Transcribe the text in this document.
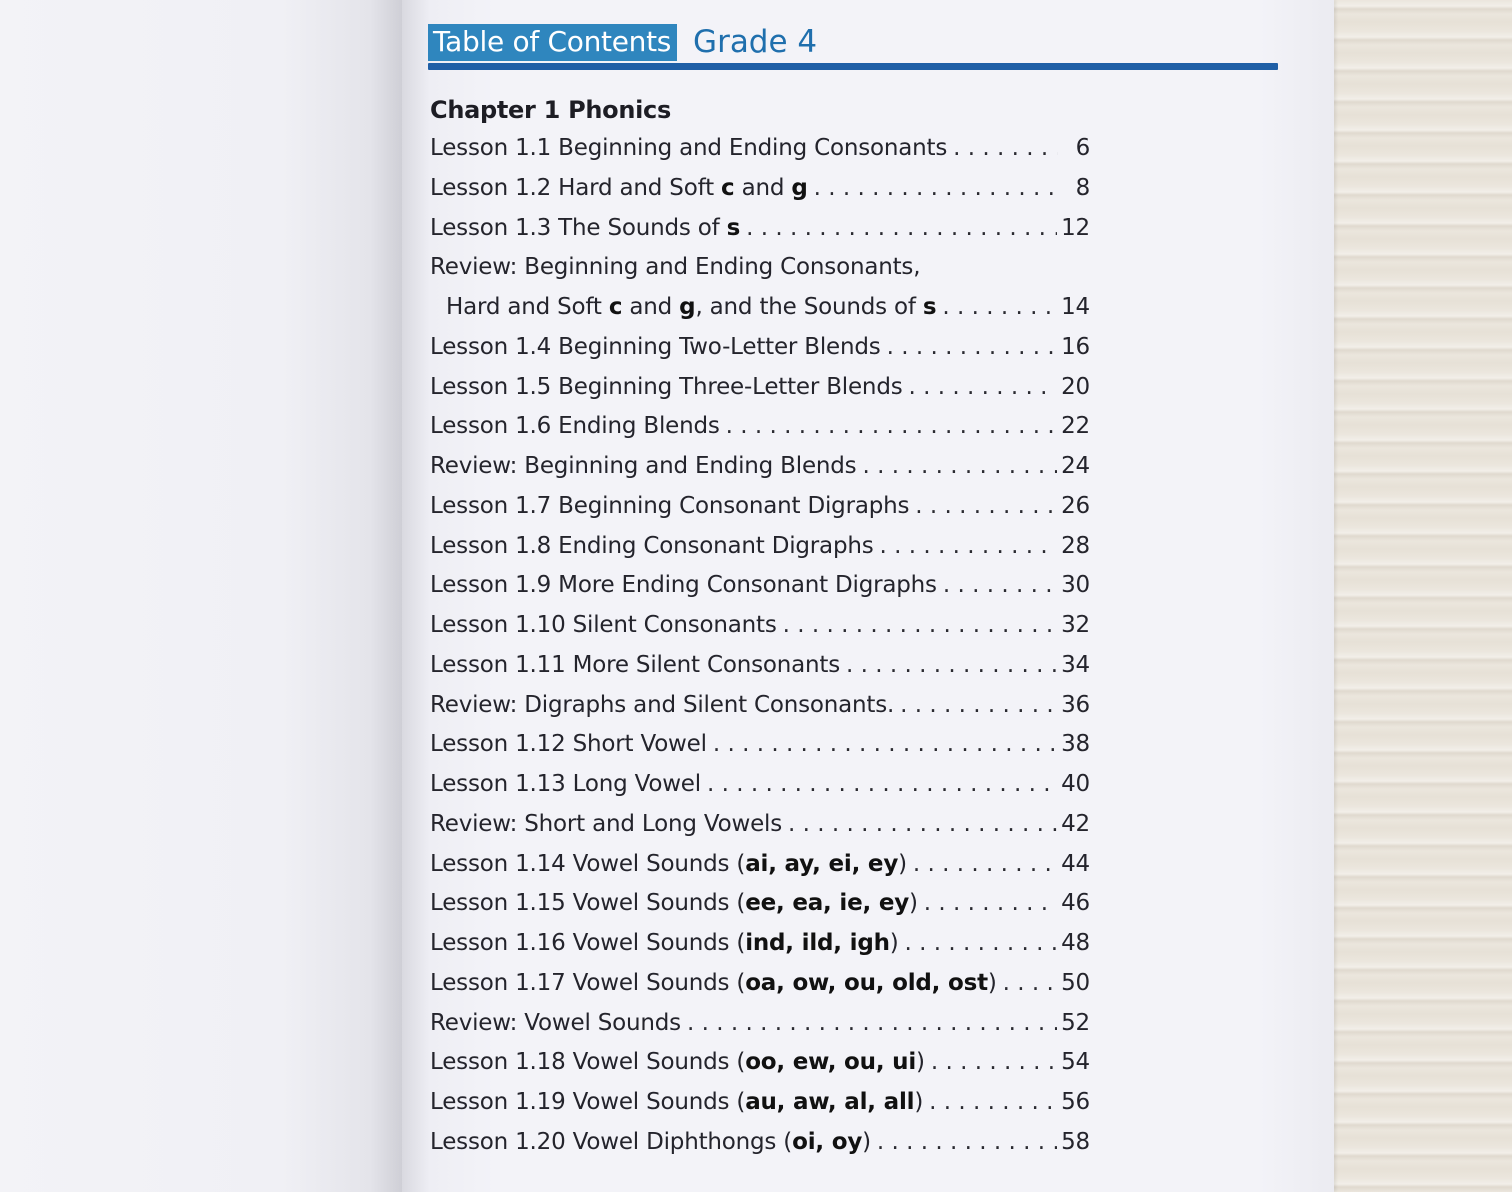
Table of Contents Grade 4
Chapter 1 Phonics
Lesson 1.1 Beginning and Ending Consonants . . .	6
Lesson 1.2 Hard and Soft c and g . . .	8
Lesson 1.3 The Sounds of s . . .	12
Review: Beginning and Ending Consonants,
Hard and Soft c and g, and the Sounds of s . . .	14
Lesson 1.4 Beginning Two-Letter Blends . . .	16
Lesson 1.5 Beginning Three-Letter Blends . . .	20
Lesson 1.6 Ending Blends . . .	22
Review: Beginning and Ending Blends . . .	24
Lesson 1.7 Beginning Consonant Digraphs . . .	26
Lesson 1.8 Ending Consonant Digraphs . . .	28
Lesson 1.9 More Ending Consonant Digraphs . . .	30
Lesson 1.10 Silent Consonants . . .	32
Lesson 1.11 More Silent Consonants . . .	34
Review: Digraphs and Silent Consonants. . . .	36
Lesson 1.12 Short Vowel . . .	38
Lesson 1.13 Long Vowel . . .	40
Review: Short and Long Vowels . . .	42
Lesson 1.14 Vowel Sounds (ai, ay, ei, ey) . . .	44
Lesson 1.15 Vowel Sounds (ee, ea, ie, ey) . . .	46
Lesson 1.16 Vowel Sounds (ind, ild, igh) . . .	48
Lesson 1.17 Vowel Sounds (oa, ow, ou, old, ost) . . .	50
Review: Vowel Sounds . . .	52
Lesson 1.18 Vowel Sounds (oo, ew, ou, ui) . . .	54
Lesson 1.19 Vowel Sounds (au, aw, al, all) . . .	56
Lesson 1.20 Vowel Diphthongs (oi, oy) . . .	58
